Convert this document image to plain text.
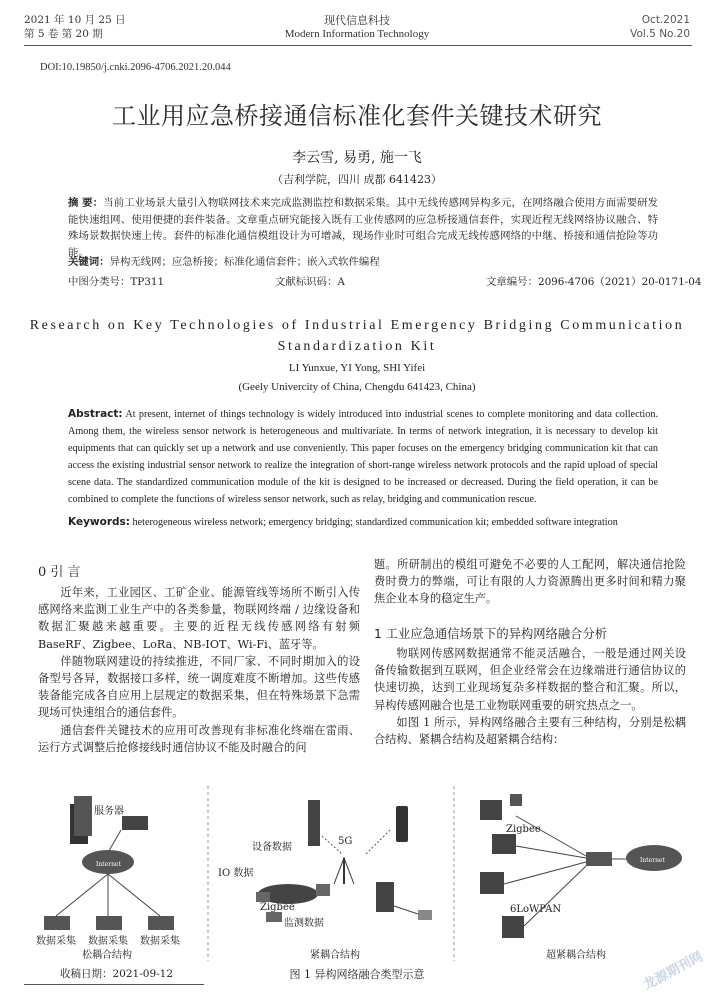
2021 年 10 月 25 日
第 5 卷 第 20 期
现代信息科技
Modern Information Technology
Oct.2021
Vol.5 No.20
DOI:10.19850/j.cnki.2096-4706.2021.20.044
工业用应急桥接通信标准化套件关键技术研究
李云雪, 易勇, 施一飞
（吉利学院，四川 成都 641423）
摘 要：当前工业场景大量引入物联网技术来完成监测监控和数据采集。其中无线传感网异构多元，在网络融合使用方面需要研发能快速组网、使用便捷的套件装备。文章重点研究能接入既有工业传感网的应急桥接通信套件，实现近程无线网络协议融合、特殊场景数据快速上传。套件的标准化通信模组设计为可增减，现场作业时可组合完成无线传感网络的中继、桥接和通信抢险等功能。
关键词：异构无线网；应急桥接；标准化通信套件；嵌入式软件编程
中图分类号：TP311	文献标识码：A	文章编号：2096-4706（2021）20-0171-04
Research on Key Technologies of Industrial Emergency Bridging Communication
Standardization Kit
LI Yunxue, YI Yong, SHI Yifei
(Geely Univercity of China, Chengdu 641423, China)
Abstract: At present, internet of things technology is widely introduced into industrial scenes to complete monitoring and data collection. Among them, the wireless sensor network is heterogeneous and multivariate. In terms of network integration, it is necessary to develop kit equipments that can quickly set up a network and use conveniently. This paper focuses on the emergency bridging communication kit that can access the existing industrial sensor network to realize the integration of short-range wireless network protocols and the rapid upload of special scene data. The standardized communication module of the kit is designed to be increased or decreased. During the field operation, it can be combined to complete the functions of wireless sensor network, such as relay, bridging and communication rescue.
Keywords: heterogeneous wireless network; emergency bridging; standardized communication kit; embedded software integration
0 引 言

近年来，工业园区、工矿企业、能源管线等场所不断引入传感网络来监测工业生产中的各类参量，物联网终端 / 边缘设备和数据汇聚越来越重要。主要的近程无线传感网络有射频 BaseRF、Zigbee、LoRa、NB-IOT、Wi-Fi、蓝牙等。

伴随物联网建设的持续推进，不同厂家、不同时期加入的设备型号各异，数据接口多样，统一调度难度不断增加。这些传感装备能完成各自应用上层规定的数据采集，但在特殊场景下急需现场可快速组合的通信套件。

通信套件关键技术的应用可改善现有非标准化终端在雷雨、运行方式调整后抢修接线时通信协议不能及时融合的问

题。所研制出的模组可避免不必要的人工配网，解决通信抢险费时费力的弊端，可让有限的人力资源腾出更多时间和精力聚焦企业本身的稳定生产。

1 工业应急通信场景下的异构网络融合分析

物联网传感网数据通常不能灵活融合，一般是通过网关设备传输数据到互联网，但企业经常会在边缘端进行通信协议的快速切换，达到工业现场复杂多样数据的整合和汇聚。所以，异构传感网融合也是工业物联网重要的研究热点之一。

如图 1 所示，异构网络融合主要有三种结构，分别是松耦合结构、紧耦合结构及超紧耦合结构：

服务器
Internet
数据采集 数据采集 数据采集
松耦合结构
设备数据
IO 数据
5G
Zigbee
监测数据
紧耦合结构
Zigbee
Internet
6LoWPAN
超紧耦合结构
图 1 异构网络融合类型示意
收稿日期：2021-09-12	龙源期刊网
